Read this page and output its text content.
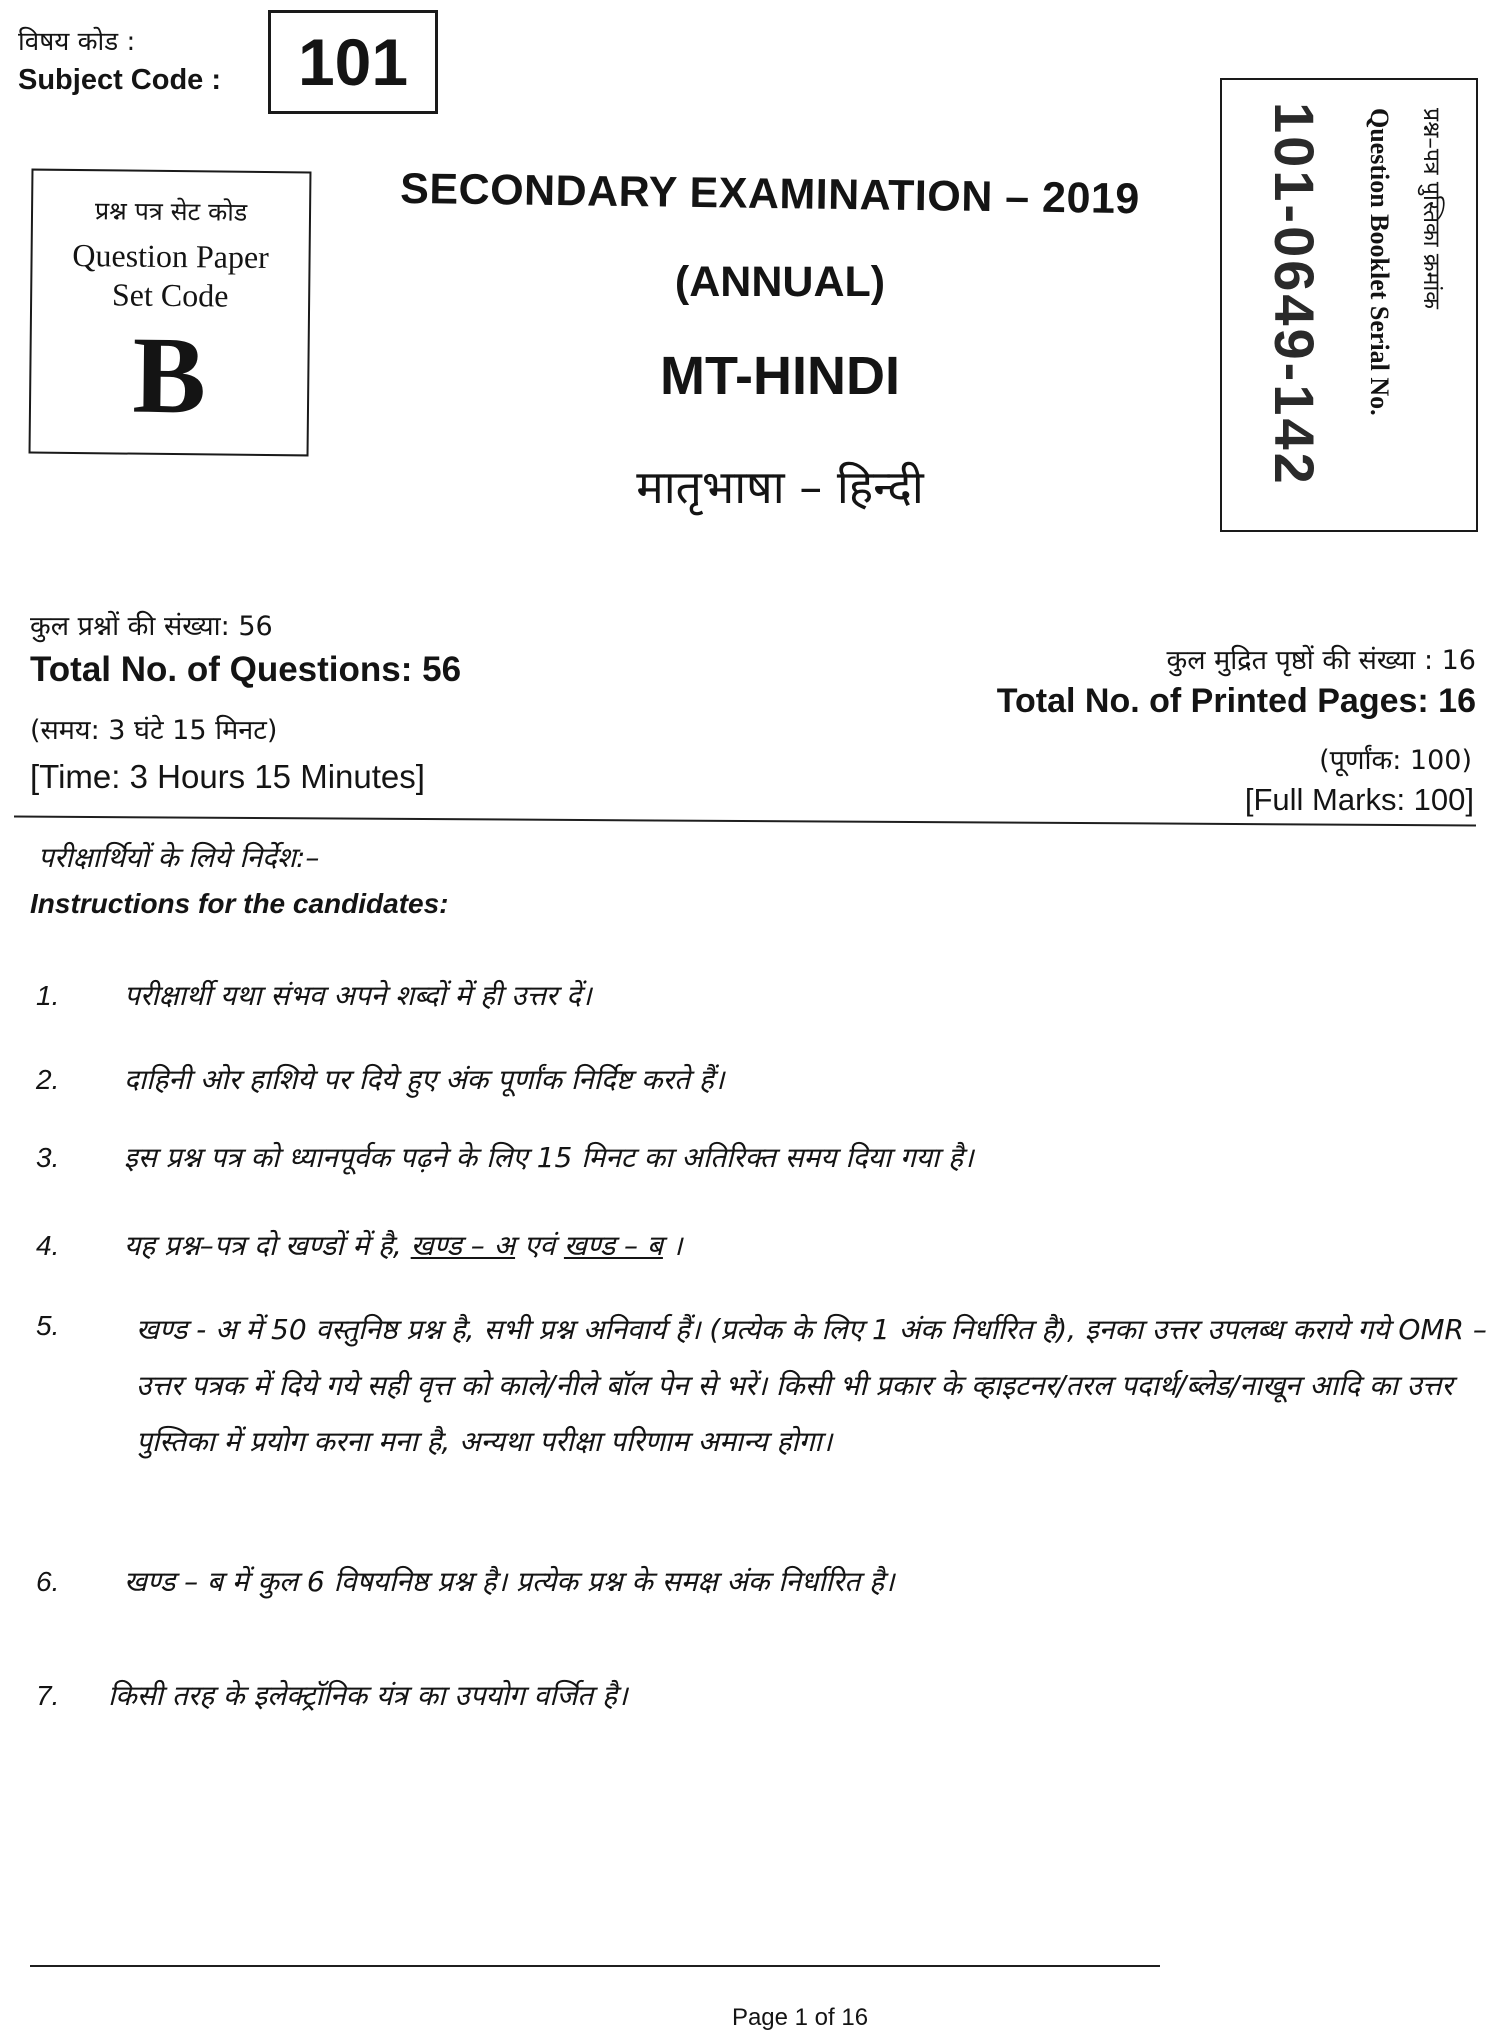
विषय कोड :
Subject Code :	101
प्रश्न पत्र सेट कोड
Question Paper
Set Code
B
SECONDARY EXAMINATION – 2019
(ANNUAL)
MT-HINDI
मातृभाषा – हिन्दी
प्रश्न–पत्र पुस्तिका क्रमांक
Question Booklet Serial No.
101-0649-142
कुल प्रश्नों की संख्या: 56
Total No. of Questions: 56
(समय: 3 घंटे 15 मिनट)
[Time: 3 Hours 15 Minutes]
कुल मुद्रित पृष्ठों की संख्या : 16
Total No. of Printed Pages: 16
(पूर्णांक: 100)
[Full Marks: 100]
परीक्षार्थियों के लिये निर्देश:–
Instructions for the candidates:
1. परीक्षार्थी यथा संभव अपने शब्दों में ही उत्तर दें।
2. दाहिनी ओर हाशिये पर दिये हुए अंक पूर्णांक निर्दिष्ट करते हैं।
3. इस प्रश्न पत्र को ध्यानपूर्वक पढ़ने के लिए 15 मिनट का अतिरिक्त समय दिया गया है।
4. यह प्रश्न–पत्र दो खण्डों में है, खण्ड – अ एवं खण्ड – ब ।
5.	खण्ड - अ में 50 वस्तुनिष्ठ प्रश्न है, सभी प्रश्न अनिवार्य हैं। (प्रत्येक के लिए 1 अंक निर्धारित है), इनका उत्तर उपलब्ध कराये गये OMR – उत्तर पत्रक में दिये गये सही वृत्त को काले/नीले बॉल पेन से भरें। किसी भी प्रकार के व्हाइटनर/तरल पदार्थ/ब्लेड/नाखून आदि का उत्तर पुस्तिका में प्रयोग करना मना है, अन्यथा परीक्षा परिणाम अमान्य होगा।
6. खण्ड – ब में कुल 6 विषयनिष्ठ प्रश्न है। प्रत्येक प्रश्न के समक्ष अंक निर्धारित है।
7. किसी तरह के इलेक्ट्रॉनिक यंत्र का उपयोग वर्जित है।
Page 1 of 16
